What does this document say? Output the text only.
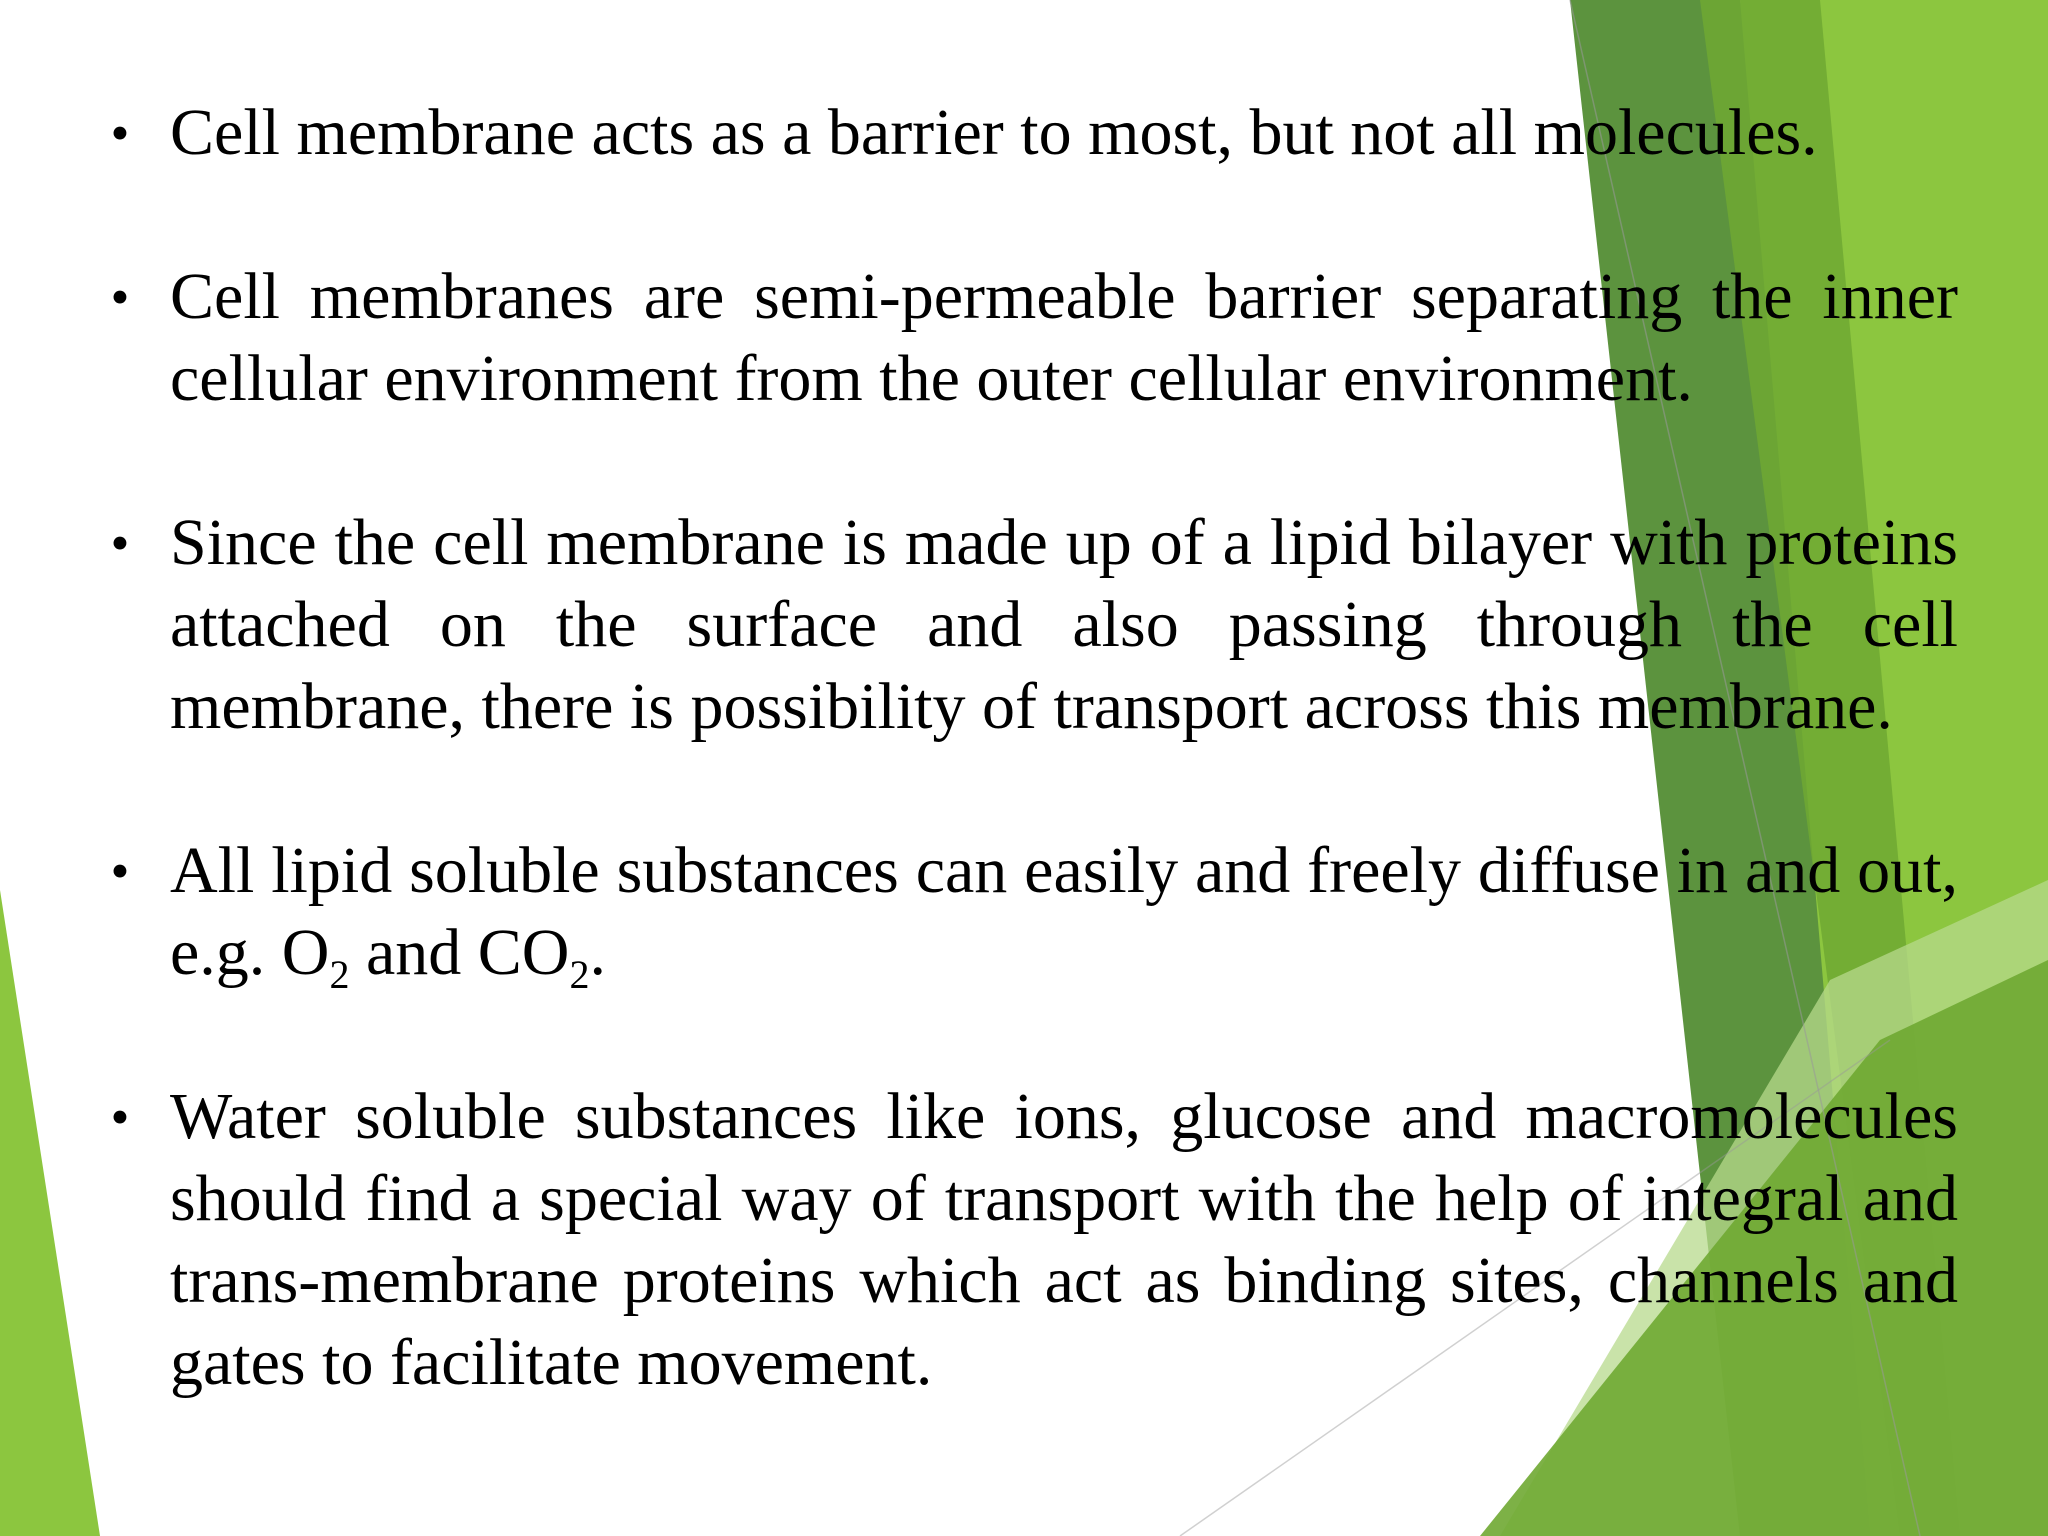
• Cell membrane acts as a barrier to most, but not all molecules.
• Cell membranes are semi-permeable barrier separating the inner cellular environment from the outer cellular environment.
• Since the cell membrane is made up of a lipid bilayer with proteins attached on the surface and also passing through the cell membrane, there is possibility of transport across this membrane.
• All lipid soluble substances can easily and freely diffuse in and out, e.g. $O_2$ and $CO_2$.
• Water soluble substances like ions, glucose and macromolecules should find a special way of transport with the help of integral and trans-membrane proteins which act as binding sites, channels and gates to facilitate movement.
